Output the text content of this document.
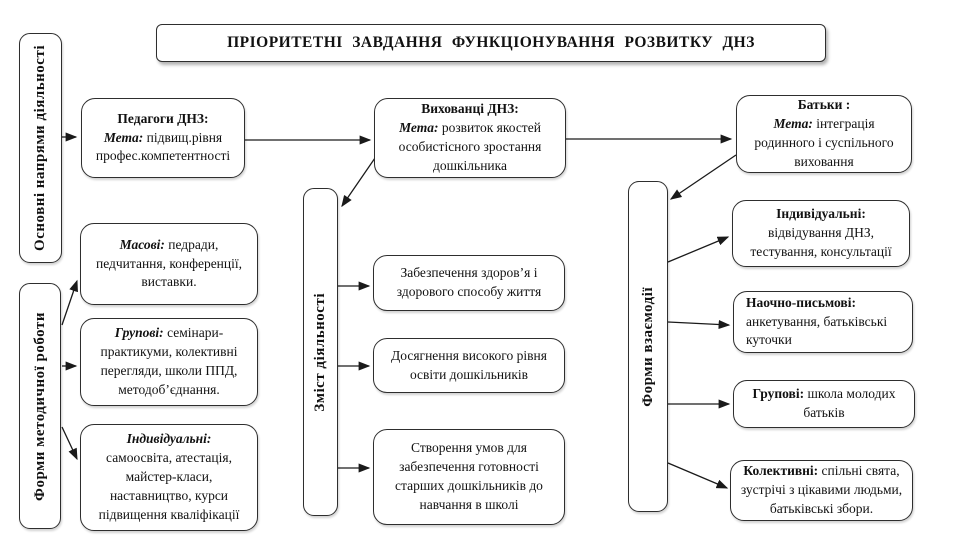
ПРІОРИТЕТНІ ЗАВДАННЯ ФУНКЦІОНУВАННЯ РОЗВИТКУ ДНЗ
Основні напрями діяльності
Форми методичної роботи	Зміст діяльності	Форми взаємодії
Педагоги ДНЗ:
Мета: підвищ.рівня профес.компетентності
Вихованці ДНЗ:
Мета: розвиток якостей особистісного зростання дошкільника
Батьки :
Мета: інтеграція родинного і суспільного виховання
Масові: педради, педчитання, конференції, виставки.
Групові: семінари-практикуми, колективні перегляди, школи ППД, методоб’єднання.
Індивідуальні:
самоосвіта, атестація, майстер-класи, наставництво, курси підвищення кваліфікації
Забезпечення здоров’я і здорового способу життя
Досягнення високого рівня освіти дошкільників
Створення умов для забезпечення готовності старших дошкільників до навчання в школі
Індивідуальні:
відвідування ДНЗ, тестування, консультації
Наочно-письмові: анкетування, батьківські куточки
Групові: школа молодих батьків
Колективні: спільні свята, зустрічі з цікавими людьми, батьківські збори.
